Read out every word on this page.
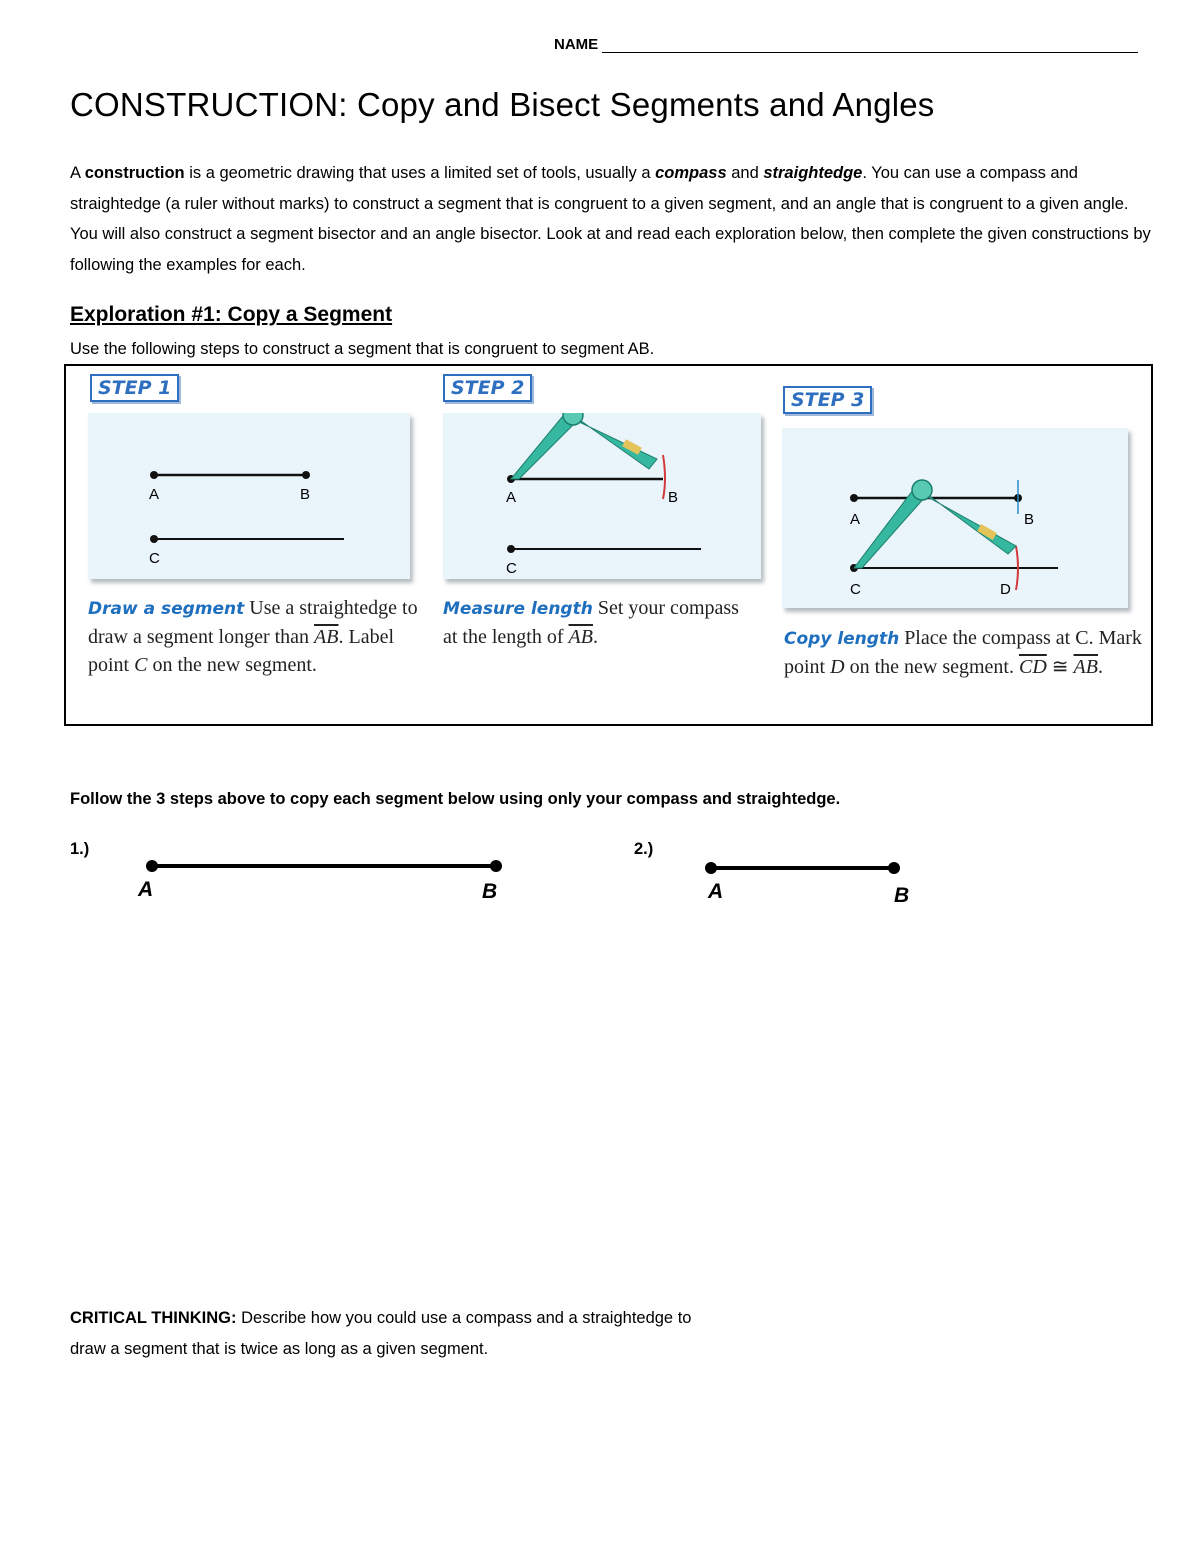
NAME
CONSTRUCTION: Copy and Bisect Segments and Angles
A construction is a geometric drawing that uses a limited set of tools, usually a compass and straightedge. You can use a compass and straightedge (a ruler without marks) to construct a segment that is congruent to a given segment, and an angle that is congruent to a given angle. You will also construct a segment bisector and an angle bisector. Look at and read each exploration below, then complete the given constructions by following the examples for each.
Exploration #1: Copy a Segment
Use the following steps to construct a segment that is congruent to segment AB.
STEP 1
A	B
C
Draw a segment Use a straightedge to draw a segment longer than $\overline{AB}$. Label point C on the new segment.
STEP 2
A	B
C
Measure length Set your compass at the length of $\overline{AB}$.
STEP 3
A	B
C	D
Copy length Place the compass at C. Mark point D on the new segment. $\overline{CD}$ ≅ $\overline{AB}$.
Follow the 3 steps above to copy each segment below using only your compass and straightedge.
1.)
A	B
2.)
A	B
CRITICAL THINKING: Describe how you could use a compass and a straightedge to
draw a segment that is twice as long as a given segment.
